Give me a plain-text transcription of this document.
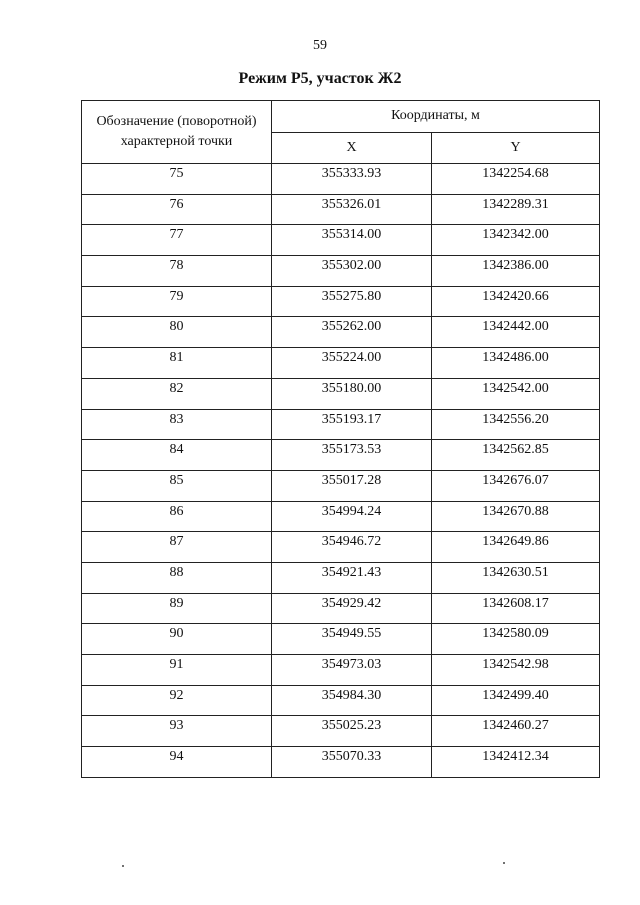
59
Режим Р5, участок Ж2
Обозначение (поворотной) характерной точки	Координаты, м	
	X	Y
75	355333.93	1342254.68
76	355326.01	1342289.31
77	355314.00	1342342.00
78	355302.00	1342386.00
79	355275.80	1342420.66
80	355262.00	1342442.00
81	355224.00	1342486.00
82	355180.00	1342542.00
83	355193.17	1342556.20
84	355173.53	1342562.85
85	355017.28	1342676.07
86	354994.24	1342670.88
87	354946.72	1342649.86
88	354921.43	1342630.51
89	354929.42	1342608.17
90	354949.55	1342580.09
91	354973.03	1342542.98
92	354984.30	1342499.40
93	355025.23	1342460.27
94	355070.33	1342412.34
